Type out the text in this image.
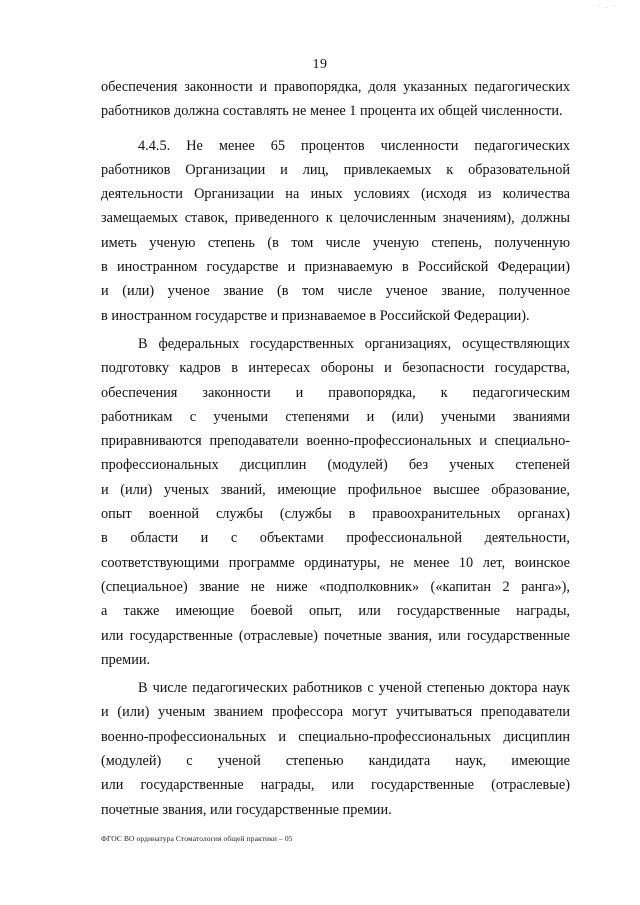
· . ·
19

обеспечения законности и правопорядка, доля указанных педагогических
работников должна составлять не менее 1 процента их общей численности.

4.4.5. Не менее 65 процентов численности педагогических
работников Организации и лиц, привлекаемых к образовательной
деятельности Организации на иных условиях (исходя из количества
замещаемых ставок, приведенного к целочисленным значениям), должны
иметь ученую степень (в том числе ученую степень, полученную
в иностранном государстве и признаваемую в Российской Федерации)
и (или) ученое звание (в том числе ученое звание, полученное
в иностранном государстве и признаваемое в Российской Федерации).

В федеральных государственных организациях, осуществляющих
подготовку кадров в интересах обороны и безопасности государства,
обеспечения законности и правопорядка, к педагогическим
работникам с учеными степенями и (или) учеными званиями
приравниваются преподаватели военно-профессиональных и специально-
профессиональных дисциплин (модулей) без ученых степеней
и (или) ученых званий, имеющие профильное высшее образование,
опыт военной службы (службы в правоохранительных органах)
в области и с объектами профессиональной деятельности,
соответствующими программе ординатуры, не менее 10 лет, воинское
(специальное) звание не ниже «подполковник» («капитан 2 ранга»),
а также имеющие боевой опыт, или государственные награды,
или государственные (отраслевые) почетные звания, или государственные
премии.

В числе педагогических работников с ученой степенью доктора наук
и (или) ученым званием профессора могут учитываться преподаватели
военно-профессиональных и специально-профессиональных дисциплин
(модулей) с ученой степенью кандидата наук, имеющие
или государственные награды, или государственные (отраслевые)
почетные звания, или государственные премии.

ФГОС ВО ординатура Стоматология общей практики – 05
